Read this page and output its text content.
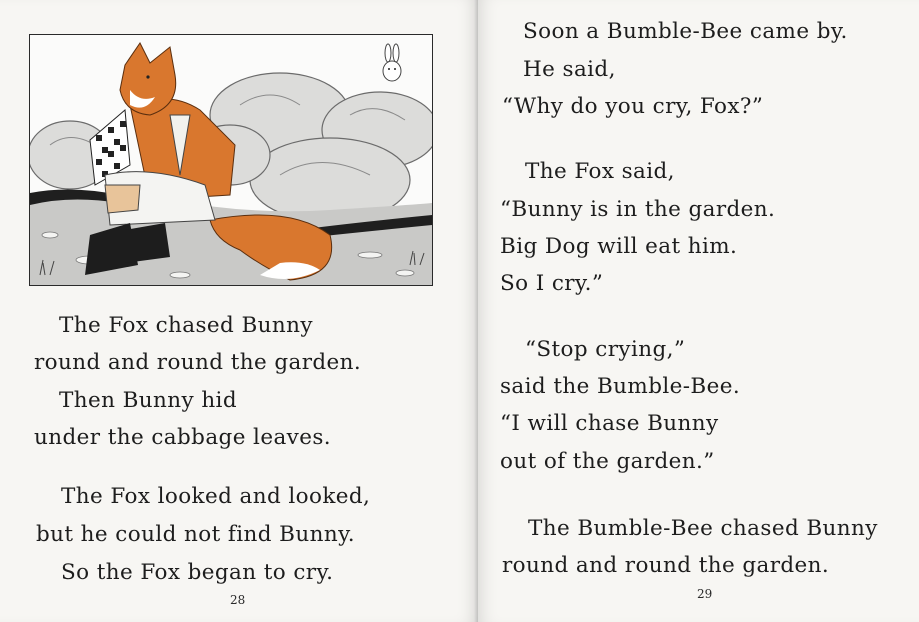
The Fox chased Bunny
round and round the garden.
Then Bunny hid
under the cabbage leaves.
The Fox looked and looked,
but he could not find Bunny.
So the Fox began to cry.
28
Soon a Bumble-Bee came by.
He said,
“Why do you cry, Fox?”
The Fox said,
“Bunny is in the garden.
Big Dog will eat him.
So I cry.”
“Stop crying,”
said the Bumble-Bee.
“I will chase Bunny
out of the garden.”
The Bumble-Bee chased Bunny
round and round the garden.
29
